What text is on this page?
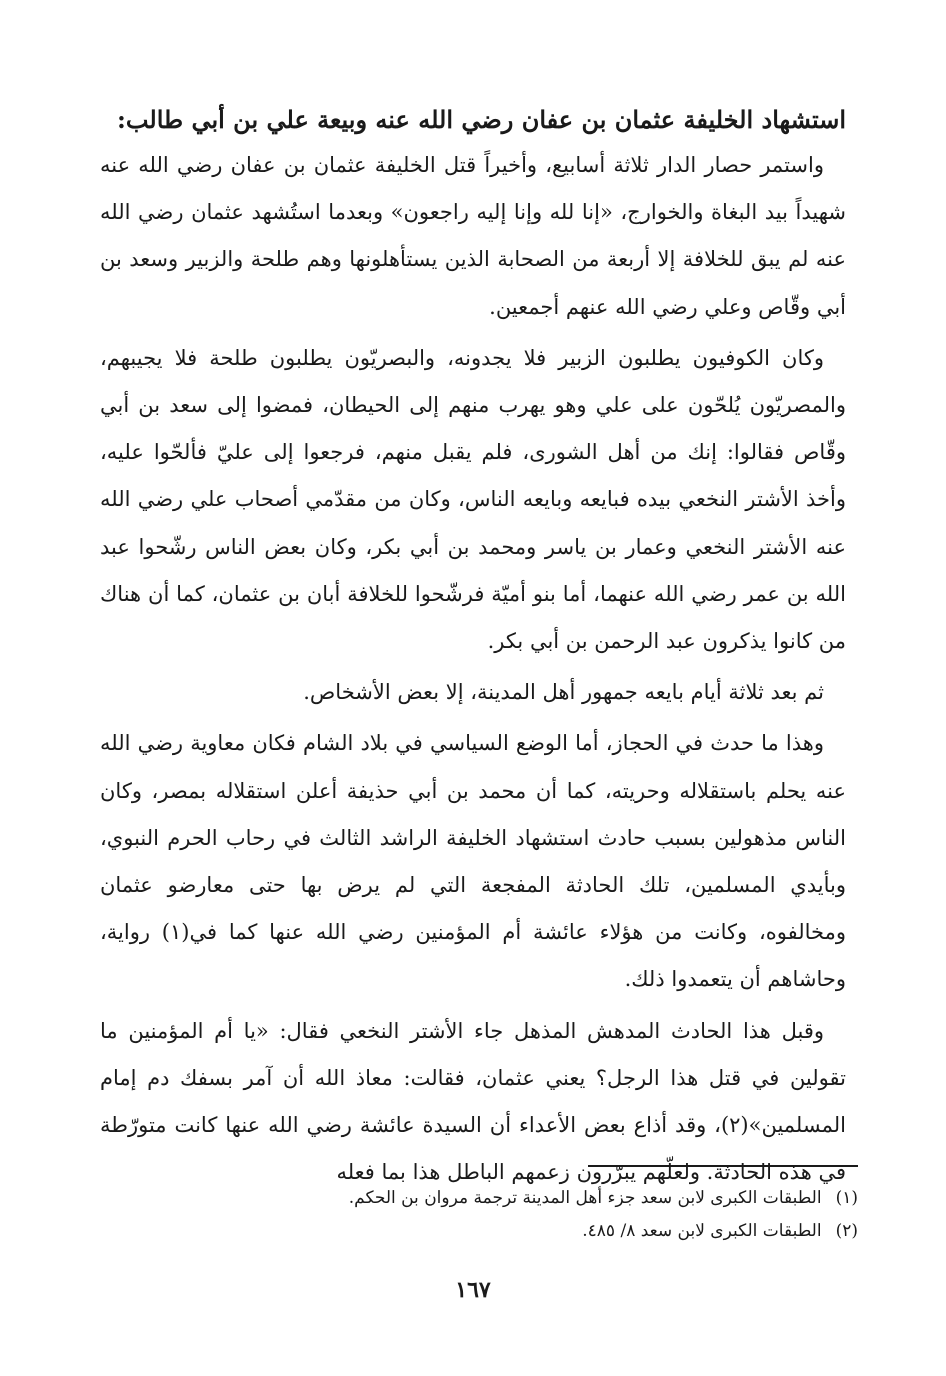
استشهاد الخليفة عثمان بن عفان رضي الله عنه وبيعة علي بن أبي طالب:

واستمر حصار الدار ثلاثة أسابيع، وأخيراً قتل الخليفة عثمان بن عفان رضي الله عنه شهيداً بيد البغاة والخوارج، «إنا لله وإنا إليه راجعون» وبعدما استُشهد عثمان رضي الله عنه لم يبق للخلافة إلا أربعة من الصحابة الذين يستأهلونها وهم طلحة والزبير وسعد بن أبي وقّاص وعلي رضي الله عنهم أجمعين.

وكان الكوفيون يطلبون الزبير فلا يجدونه، والبصريّون يطلبون طلحة فلا يجيبهم، والمصريّون يُلحّون على علي وهو يهرب منهم إلى الحيطان، فمضوا إلى سعد بن أبي وقّاص فقالوا: إنك من أهل الشورى، فلم يقبل منهم، فرجعوا إلى عليّ فألحّوا عليه، وأخذ الأشتر النخعي بيده فبايعه وبايعه الناس، وكان من مقدّمي أصحاب علي رضي الله عنه الأشتر النخعي وعمار بن ياسر ومحمد بن أبي بكر، وكان بعض الناس رشّحوا عبد الله بن عمر رضي الله عنهما، أما بنو أميّة فرشّحوا للخلافة أبان بن عثمان، كما أن هناك من كانوا يذكرون عبد الرحمن بن أبي بكر.

ثم بعد ثلاثة أيام بايعه جمهور أهل المدينة، إلا بعض الأشخاص.

وهذا ما حدث في الحجاز، أما الوضع السياسي في بلاد الشام فكان معاوية رضي الله عنه يحلم باستقلاله وحريته، كما أن محمد بن أبي حذيفة أعلن استقلاله بمصر، وكان الناس مذهولين بسبب حادث استشهاد الخليفة الراشد الثالث في رحاب الحرم النبوي، وبأيدي المسلمين، تلك الحادثة المفجعة التي لم يرض بها حتى معارضو عثمان ومخالفوه، وكانت من هؤلاء عائشة أم المؤمنين رضي الله عنها كما في(١) رواية، وحاشاهم أن يتعمدوا ذلك.

وقبل هذا الحادث المدهش المذهل جاء الأشتر النخعي فقال: «يا أم المؤمنين ما تقولين في قتل هذا الرجل؟ يعني عثمان، فقالت: معاذ الله أن آمر بسفك دم إمام المسلمين»(٢)، وقد أذاع بعض الأعداء أن السيدة عائشة رضي الله عنها كانت متورّطة في هذه الحادثة. ولعلّهم يبرّرون زعمهم الباطل هذا بما فعله

(١)الطبقات الكبرى لابن سعد جزء أهل المدينة ترجمة مروان بن الحكم.
(٢)الطبقات الكبرى لابن سعد ٨/ ٤٨٥.
١٦٧
